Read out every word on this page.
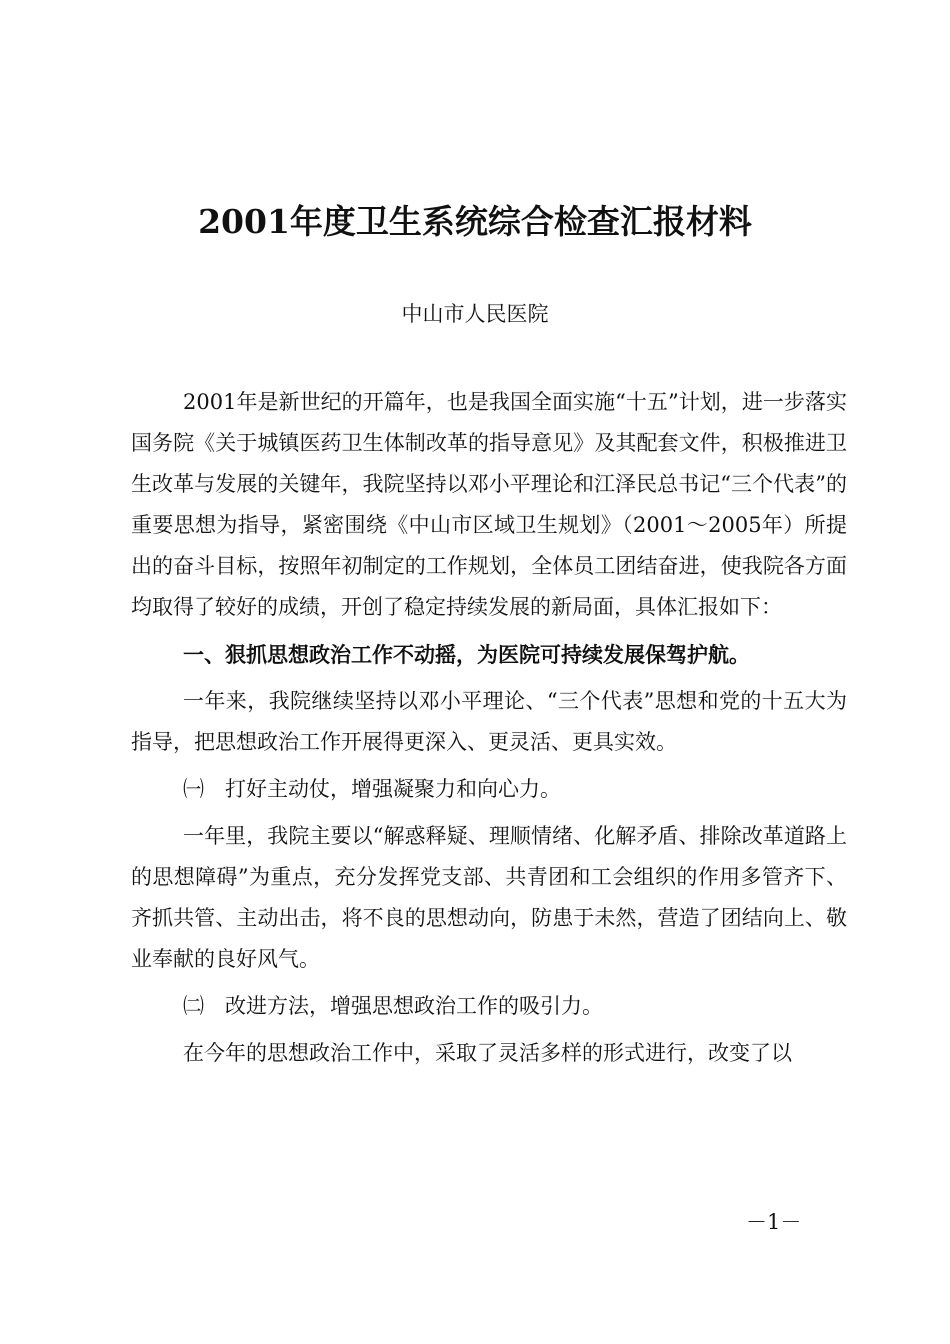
2001年度卫生系统综合检查汇报材料

中山市人民医院

2001年是新世纪的开篇年，也是我国全面实施“十五”计划，进一步落实国务院《关于城镇医药卫生体制改革的指导意见》及其配套文件，积极推进卫生改革与发展的关键年，我院坚持以邓小平理论和江泽民总书记“三个代表”的重要思想为指导，紧密围绕《中山市区域卫生规划》（2001～2005年）所提出的奋斗目标，按照年初制定的工作规划，全体员工团结奋进，使我院各方面均取得了较好的成绩，开创了稳定持续发展的新局面，具体汇报如下：

一、狠抓思想政治工作不动摇，为医院可持续发展保驾护航。

一年来，我院继续坚持以邓小平理论、“三个代表”思想和党的十五大为指导，把思想政治工作开展得更深入、更灵活、更具实效。

㈠　打好主动仗，增强凝聚力和向心力。

一年里，我院主要以“解惑释疑、理顺情绪、化解矛盾、排除改革道路上的思想障碍”为重点，充分发挥党支部、共青团和工会组织的作用多管齐下、齐抓共管、主动出击，将不良的思想动向，防患于未然，营造了团结向上、敬业奉献的良好风气。

㈡　改进方法，增强思想政治工作的吸引力。

在今年的思想政治工作中，采取了灵活多样的形式进行，改变了以

－1－
